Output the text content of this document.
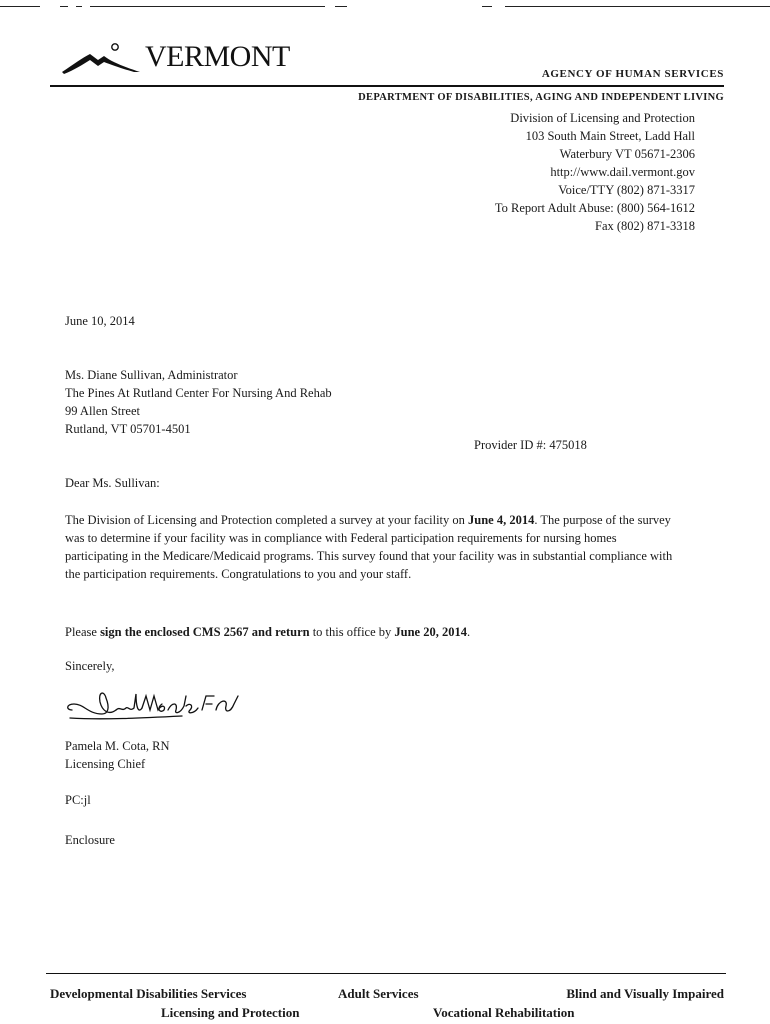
VERMONT
AGENCY OF HUMAN SERVICES
DEPARTMENT OF DISABILITIES, AGING AND INDEPENDENT LIVING
Division of Licensing and Protection
103 South Main Street, Ladd Hall
Waterbury VT 05671-2306
http://www.dail.vermont.gov
Voice/TTY (802) 871-3317
To Report Adult Abuse: (800) 564-1612
Fax (802) 871-3318
June 10, 2014
Ms. Diane Sullivan, Administrator
The Pines At Rutland Center For Nursing And Rehab
99 Allen Street
Rutland, VT 05701-4501
Provider ID #: 475018
Dear Ms. Sullivan:
The Division of Licensing and Protection completed a survey at your facility on June 4, 2014. The purpose of the survey was to determine if your facility was in compliance with Federal participation requirements for nursing homes participating in the Medicare/Medicaid programs. This survey found that your facility was in substantial compliance with the participation requirements. Congratulations to you and your staff.
Please sign the enclosed CMS 2567 and return to this office by June 20, 2014.
Sincerely,
Pamela M. Cota, RN
Licensing Chief
PC:jl
Enclosure
Developmental Disabilities Services	Adult Services	Blind and Visually Impaired
Licensing and Protection	Vocational Rehabilitation
